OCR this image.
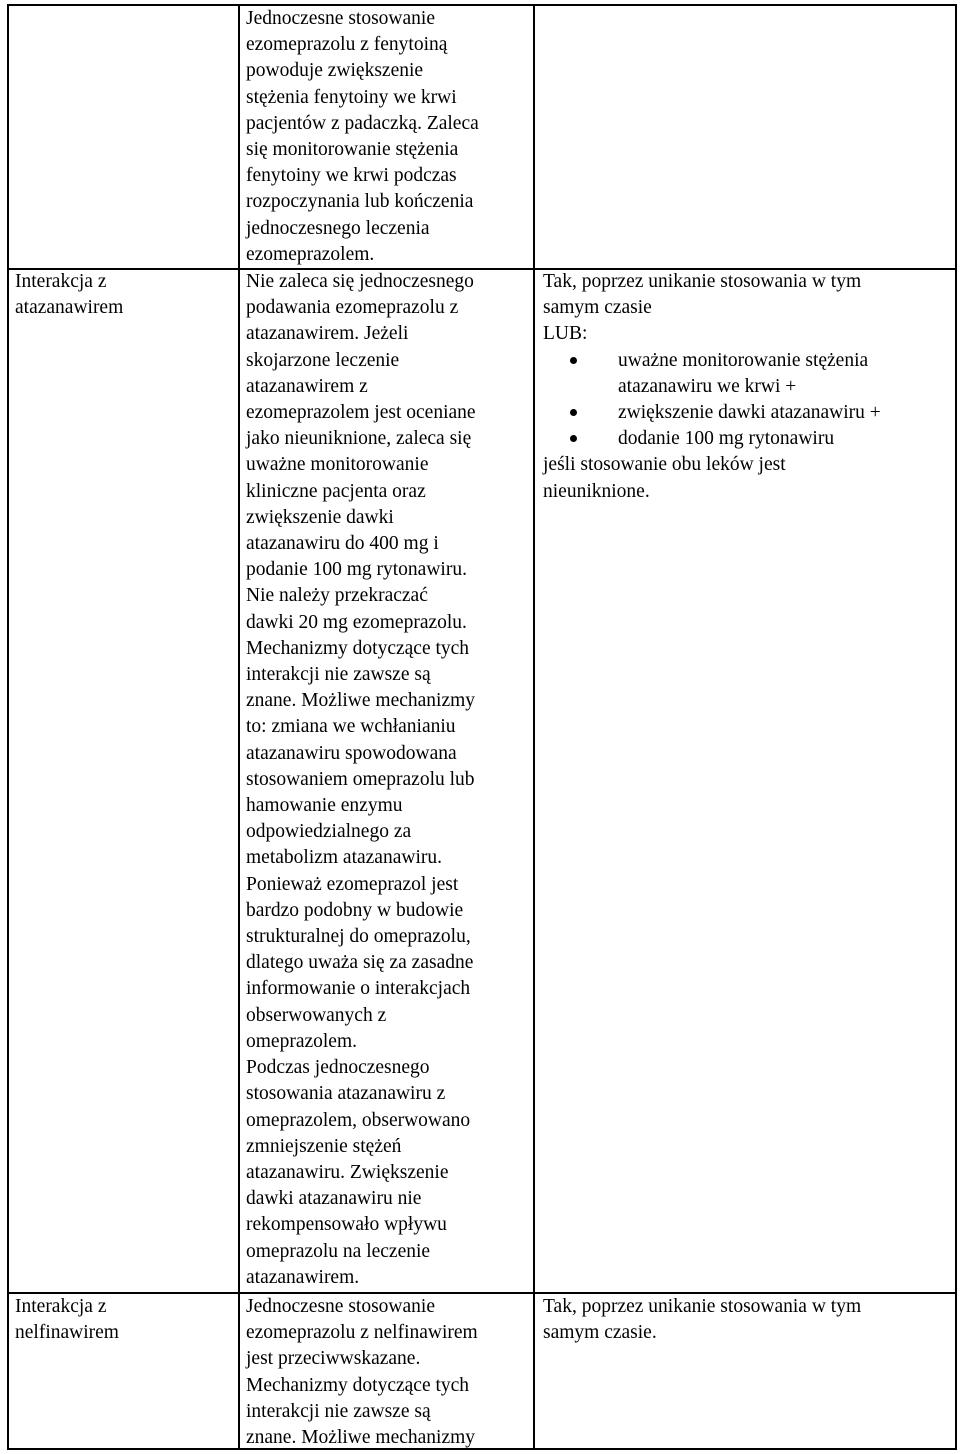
Jednoczesne stosowanie
ezomeprazolu z fenytoiną
powoduje zwiększenie
stężenia fenytoiny we krwi
pacjentów z padaczką. Zaleca
się monitorowanie stężenia
fenytoiny we krwi podczas
rozpoczynania lub kończenia
jednoczesnego leczenia
ezomeprazolem.
Interakcja z
atazanawirem
Nie zaleca się jednoczesnego
podawania ezomeprazolu z
atazanawirem. Jeżeli
skojarzone leczenie
atazanawirem z
ezomeprazolem jest oceniane
jako nieuniknione, zaleca się
uważne monitorowanie
kliniczne pacjenta oraz
zwiększenie dawki
atazanawiru do 400 mg i
podanie 100 mg rytonawiru.
Nie należy przekraczać
dawki 20 mg ezomeprazolu.
Mechanizmy dotyczące tych
interakcji nie zawsze są
znane. Możliwe mechanizmy
to: zmiana we wchłanianiu
atazanawiru spowodowana
stosowaniem omeprazolu lub
hamowanie enzymu
odpowiedzialnego za
metabolizm atazanawiru.
Ponieważ ezomeprazol jest
bardzo podobny w budowie
strukturalnej do omeprazolu,
dlatego uważa się za zasadne
informowanie o interakcjach
obserwowanych z
omeprazolem.
Podczas jednoczesnego
stosowania atazanawiru z
omeprazolem, obserwowano
zmniejszenie stężeń
atazanawiru. Zwiększenie
dawki atazanawiru nie
rekompensowało wpływu
omeprazolu na leczenie
atazanawirem.
Tak, poprzez unikanie stosowania w tym
samym czasie
LUB:
uważne monitorowanie stężenia
atazanawiru we krwi +
zwiększenie dawki atazanawiru +
dodanie 100 mg rytonawiru
jeśli stosowanie obu leków jest
nieuniknione.
Interakcja z
nelfinawirem
Jednoczesne stosowanie
ezomeprazolu z nelfinawirem
jest przeciwwskazane.
Mechanizmy dotyczące tych
interakcji nie zawsze są
znane. Możliwe mechanizmy
Tak, poprzez unikanie stosowania w tym
samym czasie.
